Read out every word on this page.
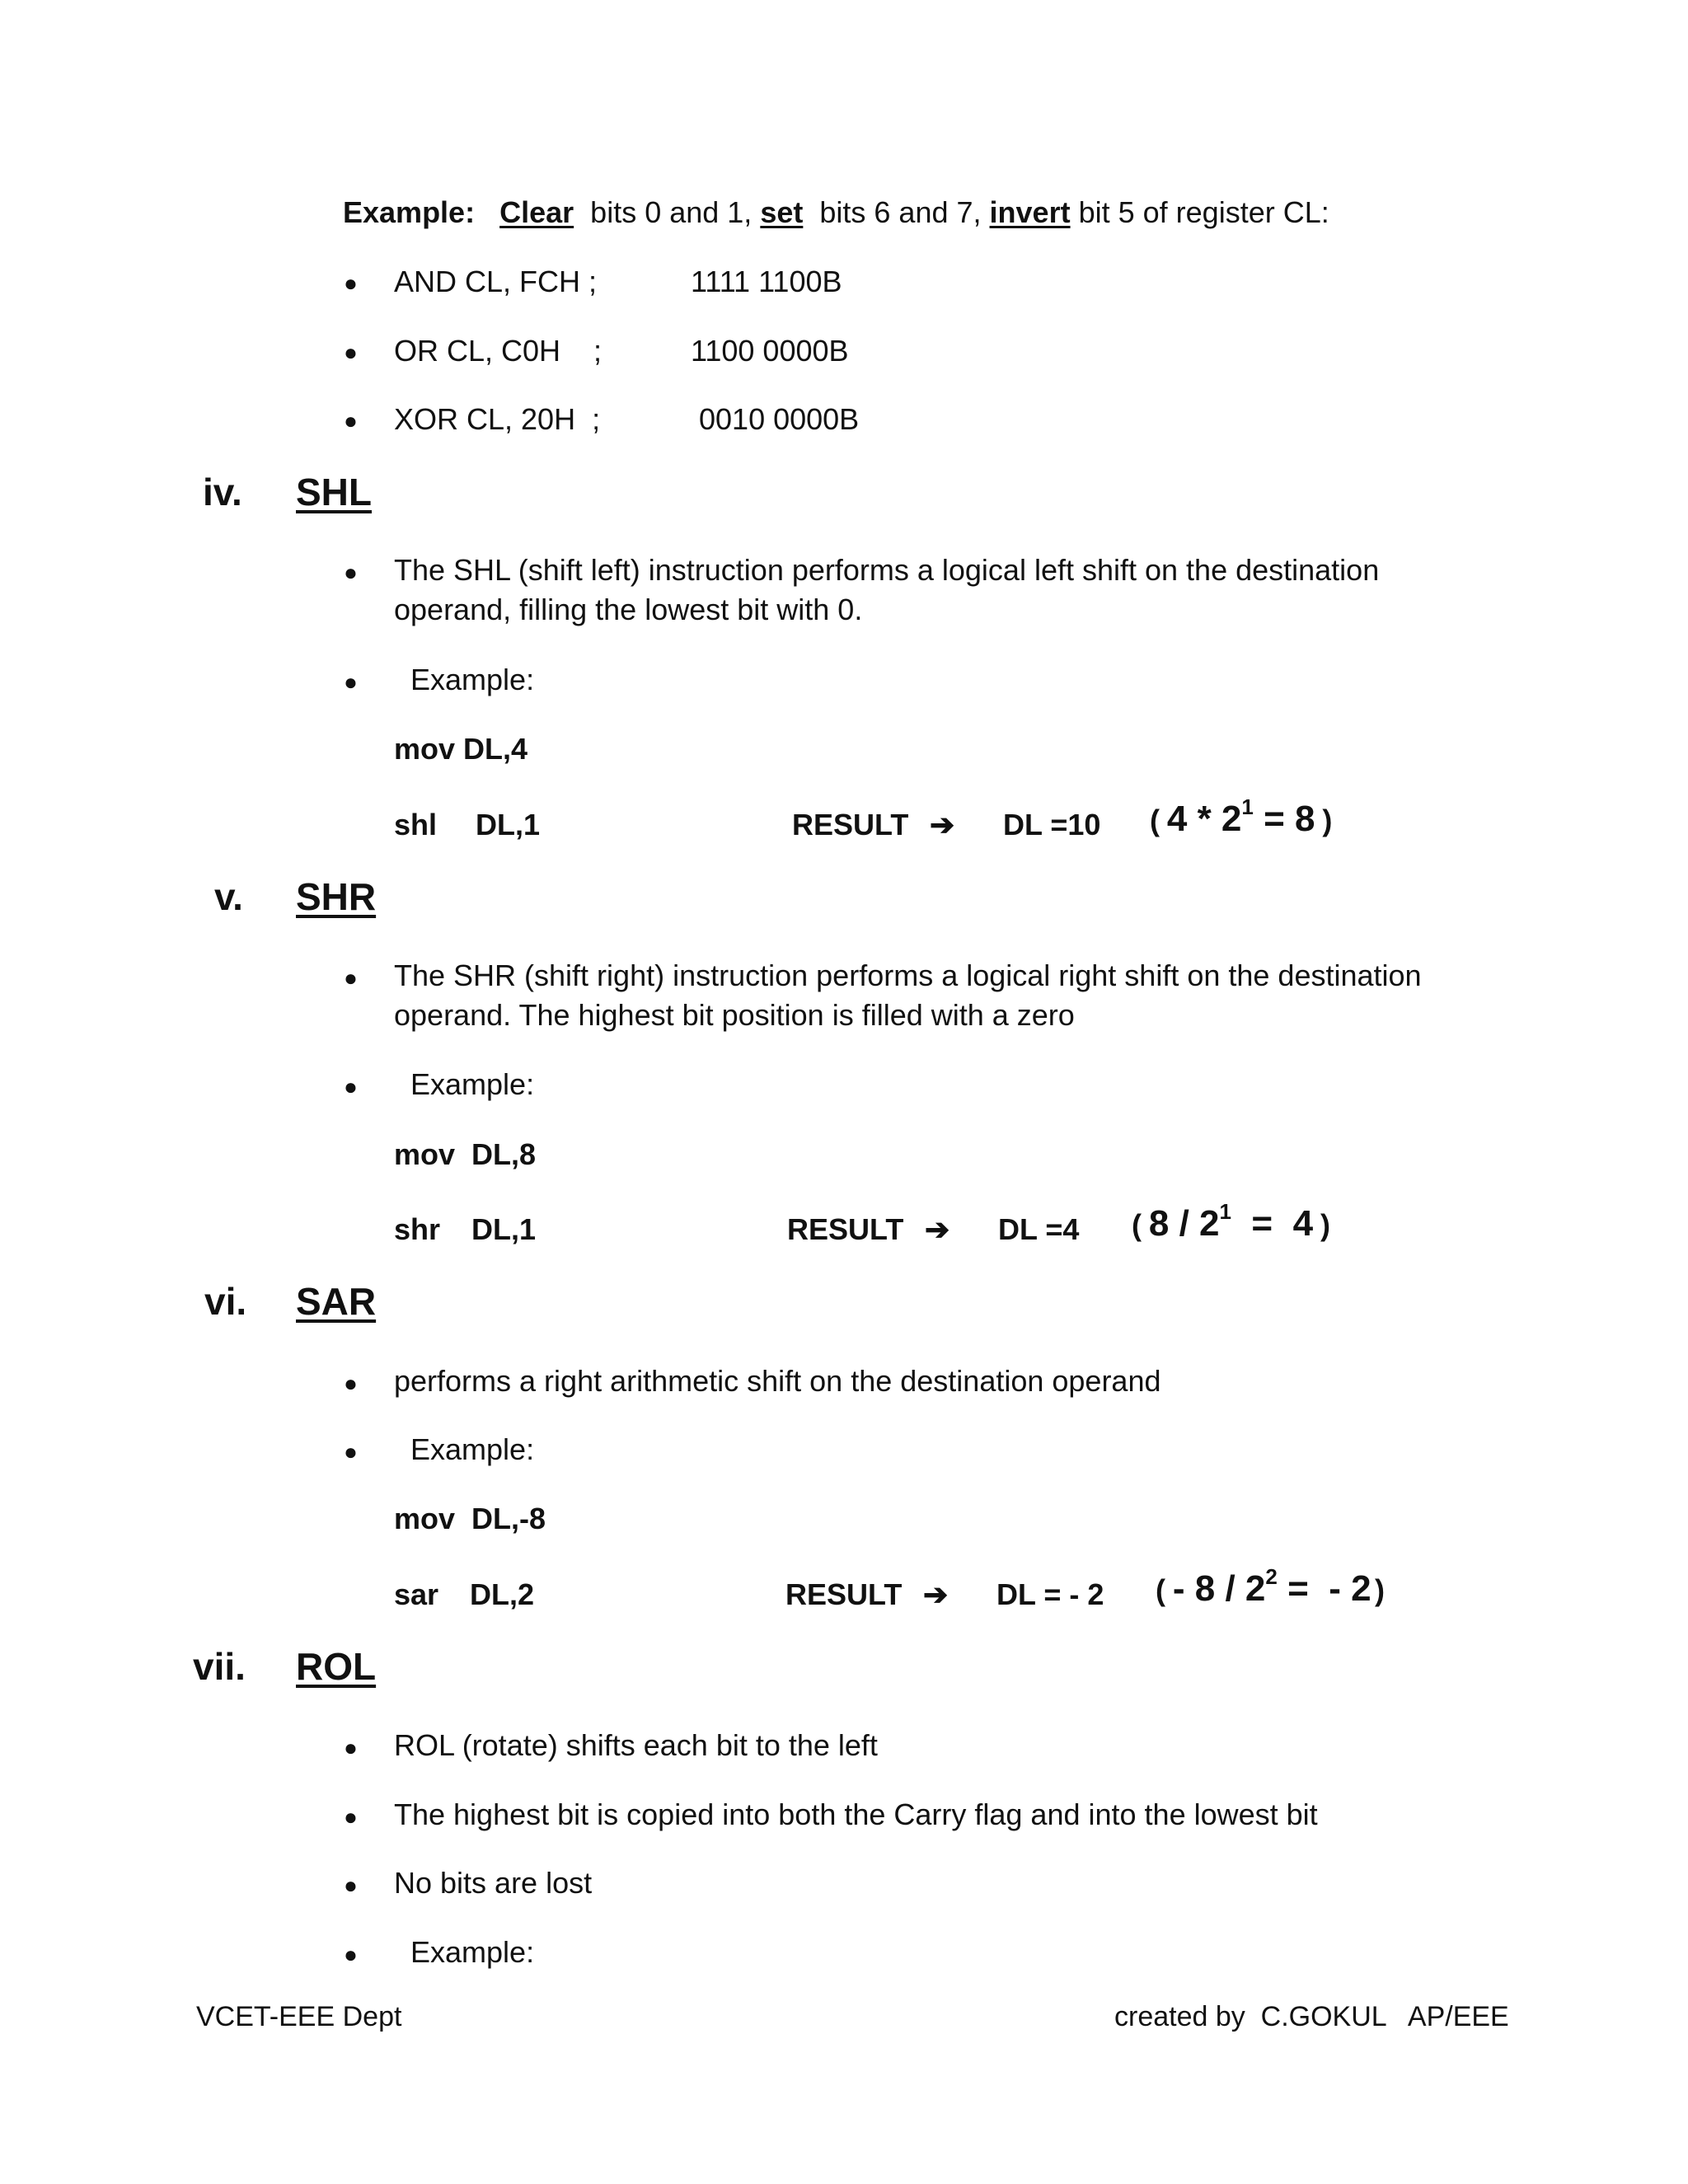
Example: Clear bits 0 and 1, set bits 6 and 7, invert bit 5 of register CL:
● AND CL, FCH ;	1111 1100B
● OR CL, C0H    ;	1100 0000B
● XOR CL, 20H  ;	0010 0000B
iv. SHL
● The SHL (shift left) instruction performs a logical left shift on the destination
operand, filling the lowest bit with 0.
● Example:
mov DL,4
shl DL,1	RESULT ➔ DL =10 ( $4 * 2^1 = 8$ )
v. SHR
● The SHR (shift right) instruction performs a logical right shift on the destination
operand. The highest bit position is filled with a zero
● Example:
mov  DL,8
shr DL,1	RESULT ➔ DL =4 ( $8 / 2^1 = 4$ )
vi. SAR
● performs a right arithmetic shift on the destination operand
● Example:
mov  DL,-8
sar DL,2	RESULT ➔ DL = - 2 ( - $8 / 2^2$ =  - 2 )
vii. ROL
● ROL (rotate) shifts each bit to the left
● The highest bit is copied into both the Carry flag and into the lowest bit
● No bits are lost
● Example:
VCET-EEE Dept	created by  C.GOKUL   AP/EEE
